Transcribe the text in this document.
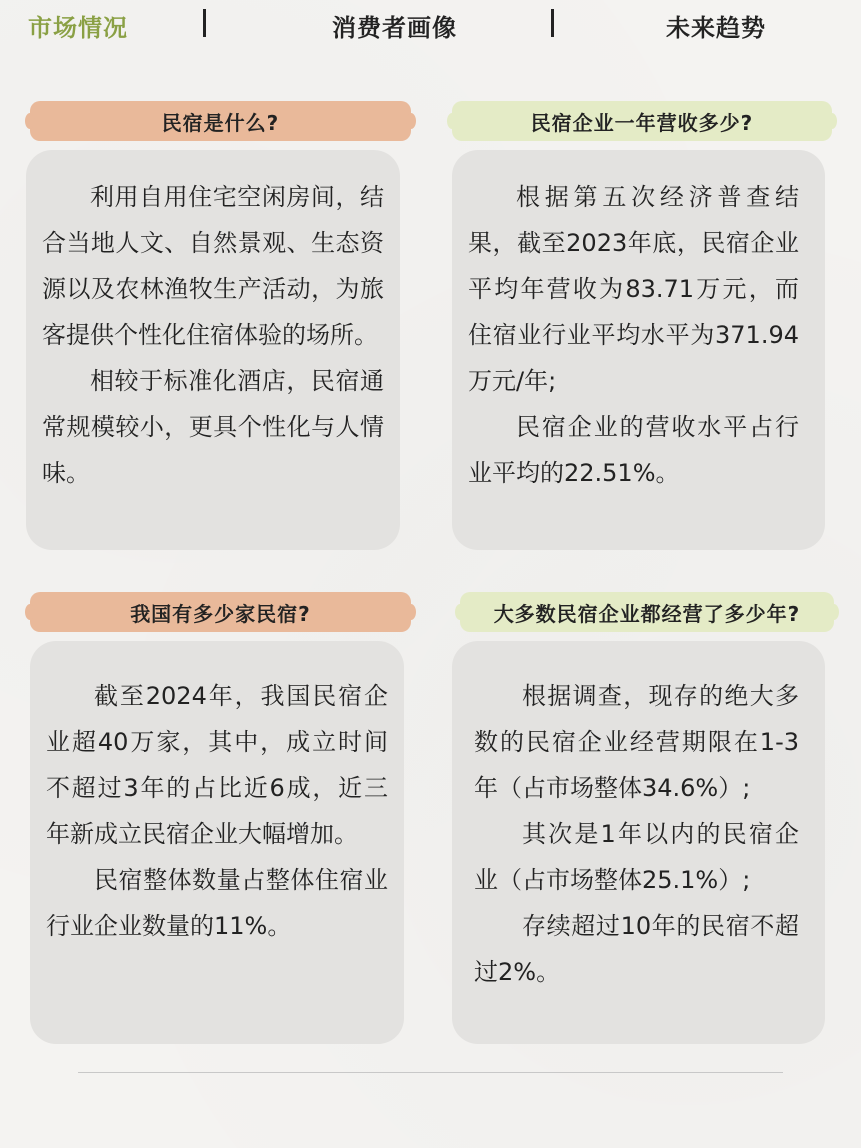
市场情况	消费者画像	未来趋势
民宿是什么?

利用自用住宅空闲房间，结合当地人文、自然景观、生态资源以及农林渔牧生产活动，为旅客提供个性化住宿体验的场所。

相较于标准化酒店，民宿通常规模较小，更具个性化与人情味。

民宿企业一年营收多少?

根据第五次经济普查结果，截至2023年底，民宿企业平均年营收为83.71万元，而住宿业行业平均水平为371.94万元/年;

民宿企业的营收水平占行业平均的22.51%。

我国有多少家民宿?

截至2024年，我国民宿企业超40万家，其中，成立时间不超过3年的占比近6成，近三年新成立民宿企业大幅增加。

民宿整体数量占整体住宿业行业企业数量的11%。

大多数民宿企业都经营了多少年?

根据调查，现存的绝大多数的民宿企业经营期限在1-3年（占市场整体34.6%）;

其次是1年以内的民宿企业（占市场整体25.1%）;

存续超过10年的民宿不超过2%。
